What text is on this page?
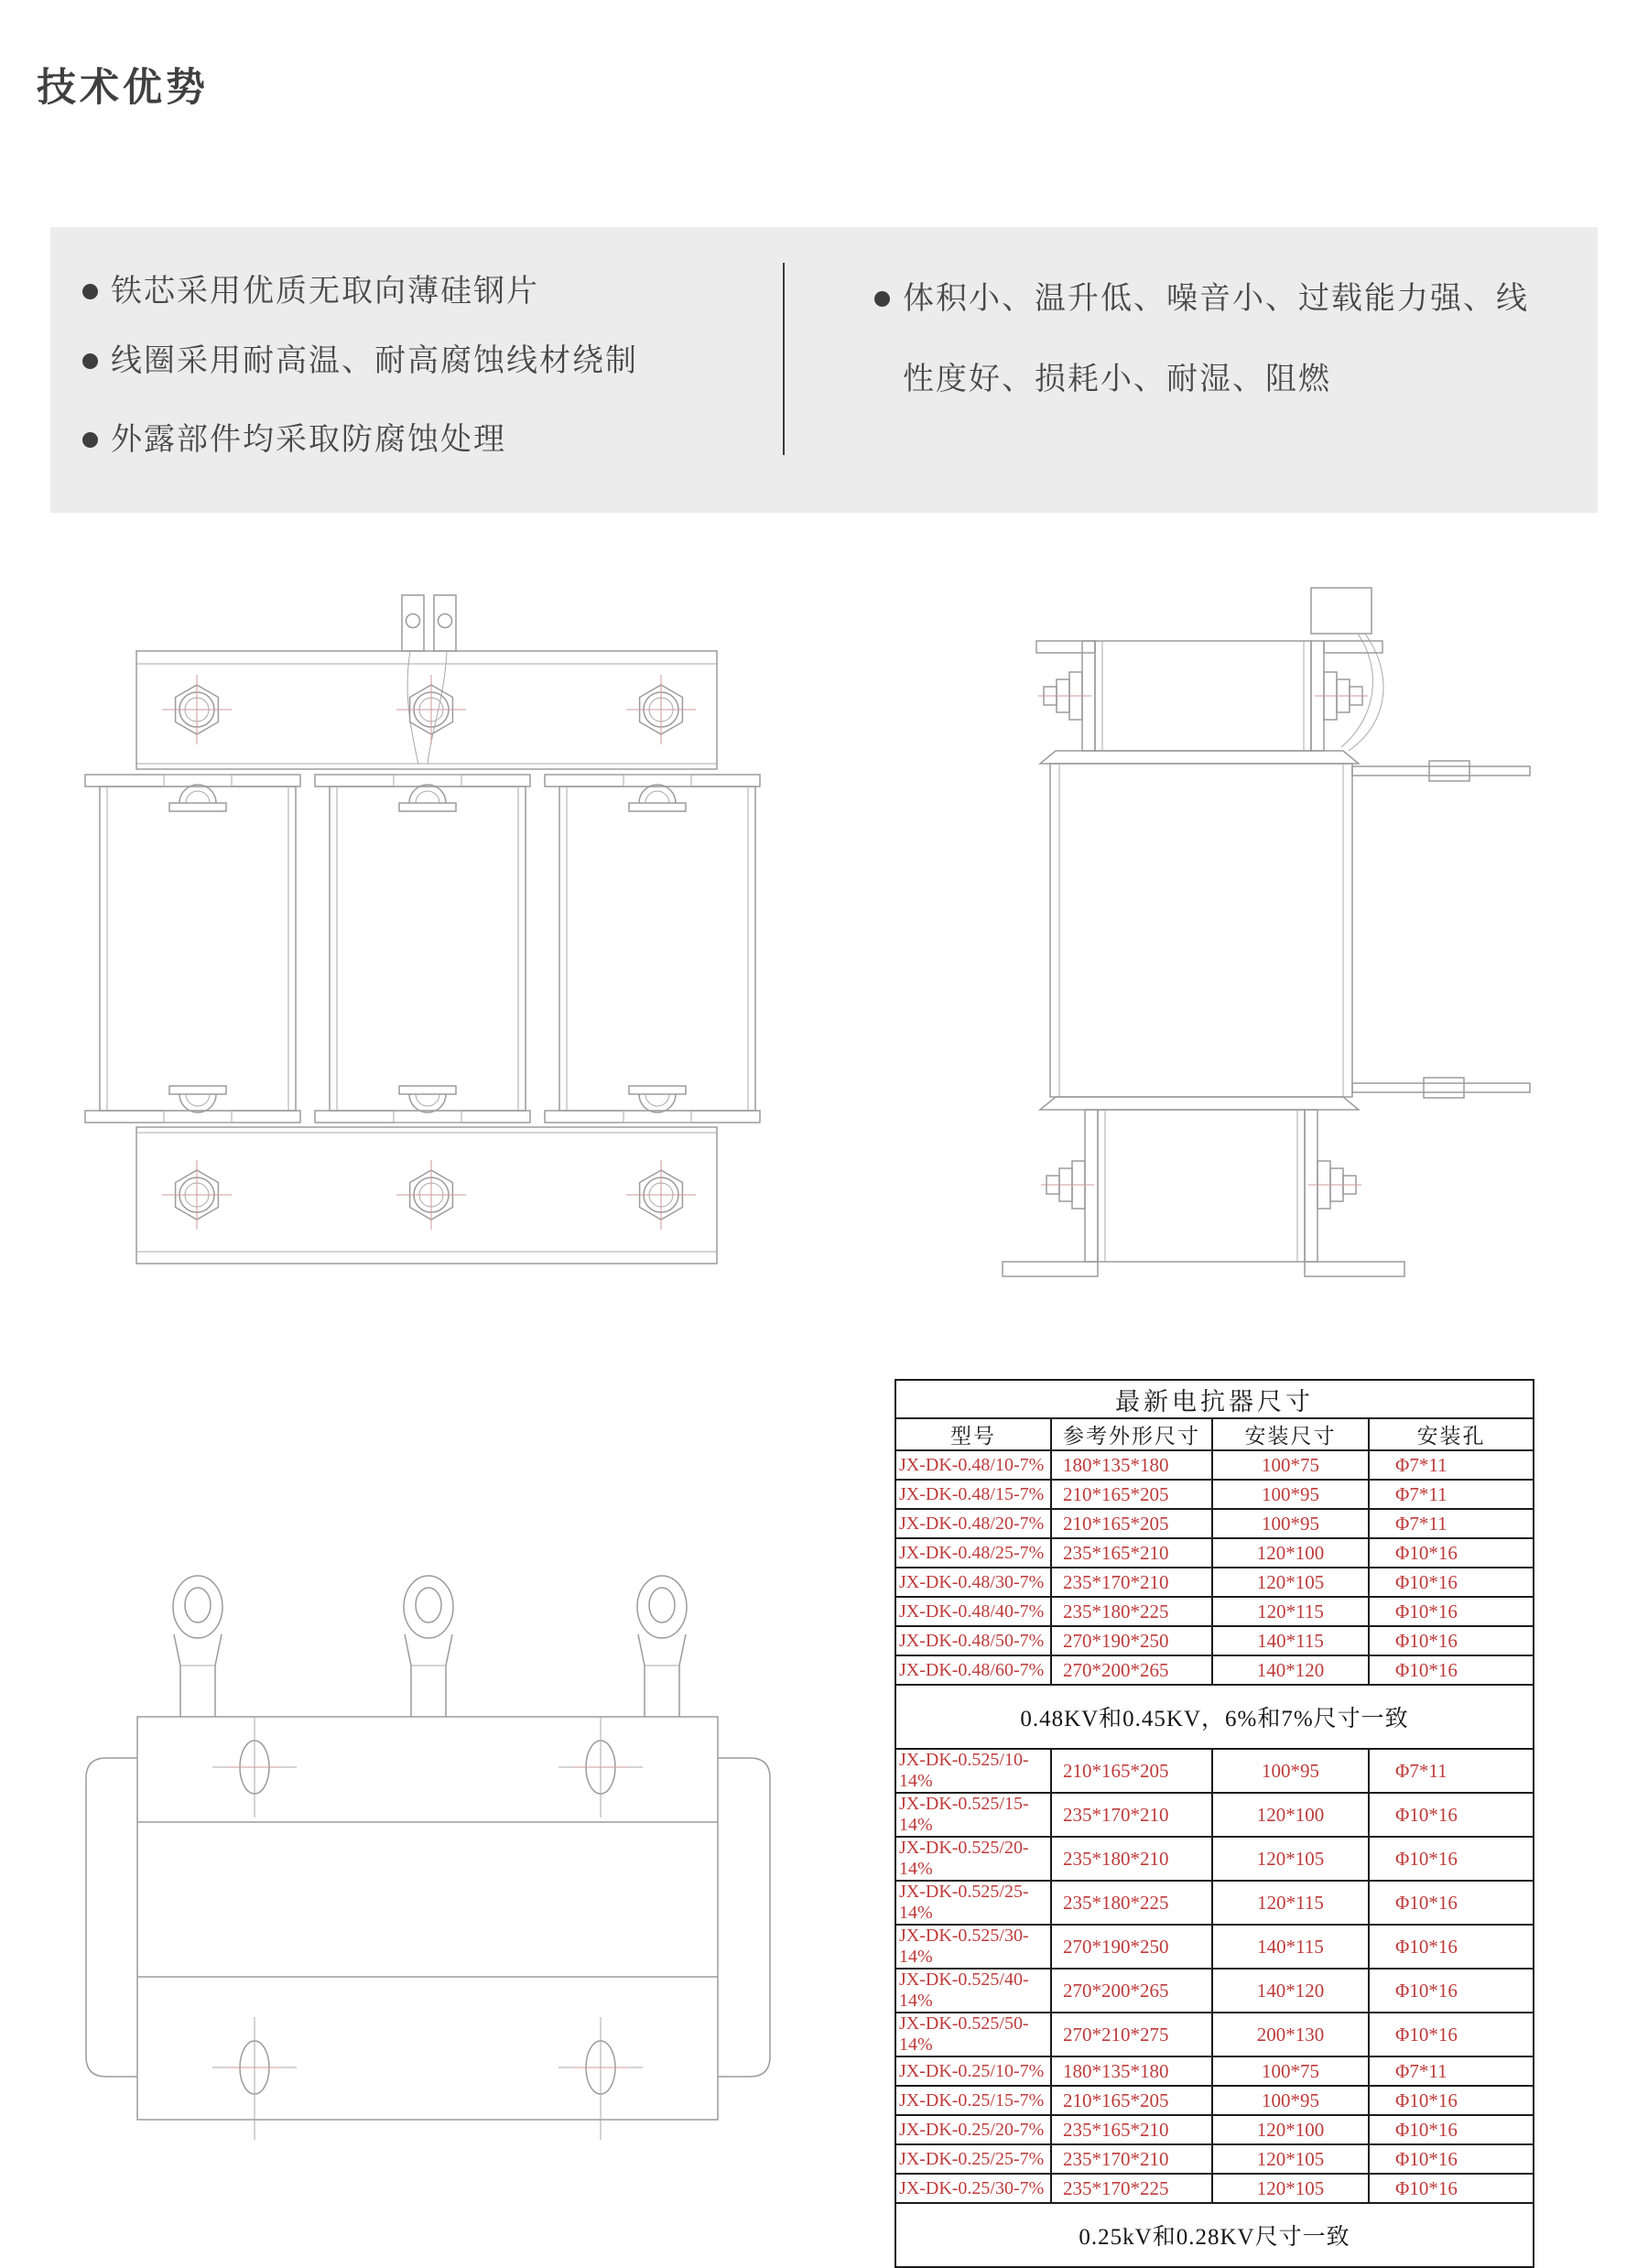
技术优势
铁芯采用优质无取向薄硅钢片
线圈采用耐高温、耐高腐蚀线材绕制
外露部件均采取防腐蚀处理
体积小、温升低、噪音小、过载能力强、线性度好、损耗小、耐湿、阻燃
最新电抗器尺寸			
型号	参考外形尺寸	安装尺寸	安装孔
JX-DK-0.48/10-7%	180*135*180	100*75	Φ7*11
JX-DK-0.48/15-7%	210*165*205	100*95	Φ7*11
JX-DK-0.48/20-7%	210*165*205	100*95	Φ7*11
JX-DK-0.48/25-7%	235*165*210	120*100	Φ10*16
JX-DK-0.48/30-7%	235*170*210	120*105	Φ10*16
JX-DK-0.48/40-7%	235*180*225	120*115	Φ10*16
JX-DK-0.48/50-7%	270*190*250	140*115	Φ10*16
JX-DK-0.48/60-7%	270*200*265	140*120	Φ10*16
0.48KV和0.45KV，6%和7%尺寸一致			
JX-DK-0.525/10-14%	210*165*205	100*95	Φ7*11
JX-DK-0.525/15-14%	235*170*210	120*100	Φ10*16
JX-DK-0.525/20-14%	235*180*210	120*105	Φ10*16
JX-DK-0.525/25-14%	235*180*225	120*115	Φ10*16
JX-DK-0.525/30-14%	270*190*250	140*115	Φ10*16
JX-DK-0.525/40-14%	270*200*265	140*120	Φ10*16
JX-DK-0.525/50-14%	270*210*275	200*130	Φ10*16
JX-DK-0.25/10-7%	180*135*180	100*75	Φ7*11
JX-DK-0.25/15-7%	210*165*205	100*95	Φ10*16
JX-DK-0.25/20-7%	235*165*210	120*100	Φ10*16
JX-DK-0.25/25-7%	235*170*210	120*105	Φ10*16
JX-DK-0.25/30-7%	235*170*225	120*105	Φ10*16
0.25kV和0.28KV尺寸一致			
